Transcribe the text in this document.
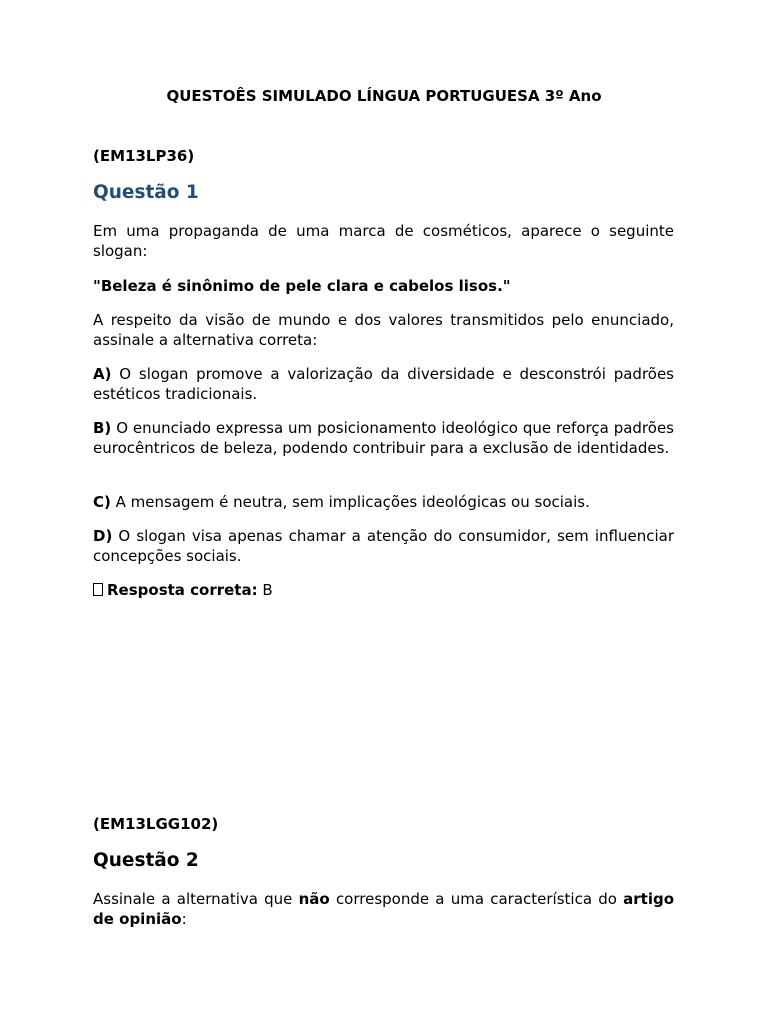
QUESTOÊS SIMULADO LÍNGUA PORTUGUESA 3º Ano
(EM13LP36)
Questão 1
Em uma propaganda de uma marca de cosméticos, aparece o seguinte slogan:
"Beleza é sinônimo de pele clara e cabelos lisos."
A respeito da visão de mundo e dos valores transmitidos pelo enunciado, assinale a alternativa correta:
A) O slogan promove a valorização da diversidade e desconstrói padrões estéticos tradicionais.
B) O enunciado expressa um posicionamento ideológico que reforça padrões eurocêntricos de beleza, podendo contribuir para a exclusão de identidades.
C) A mensagem é neutra, sem implicações ideológicas ou sociais.
D) O slogan visa apenas chamar a atenção do consumidor, sem influenciar concepções sociais.
Resposta correta: B
(EM13LGG102)
Questão 2
Assinale a alternativa que não corresponde a uma característica do artigo de opinião:
